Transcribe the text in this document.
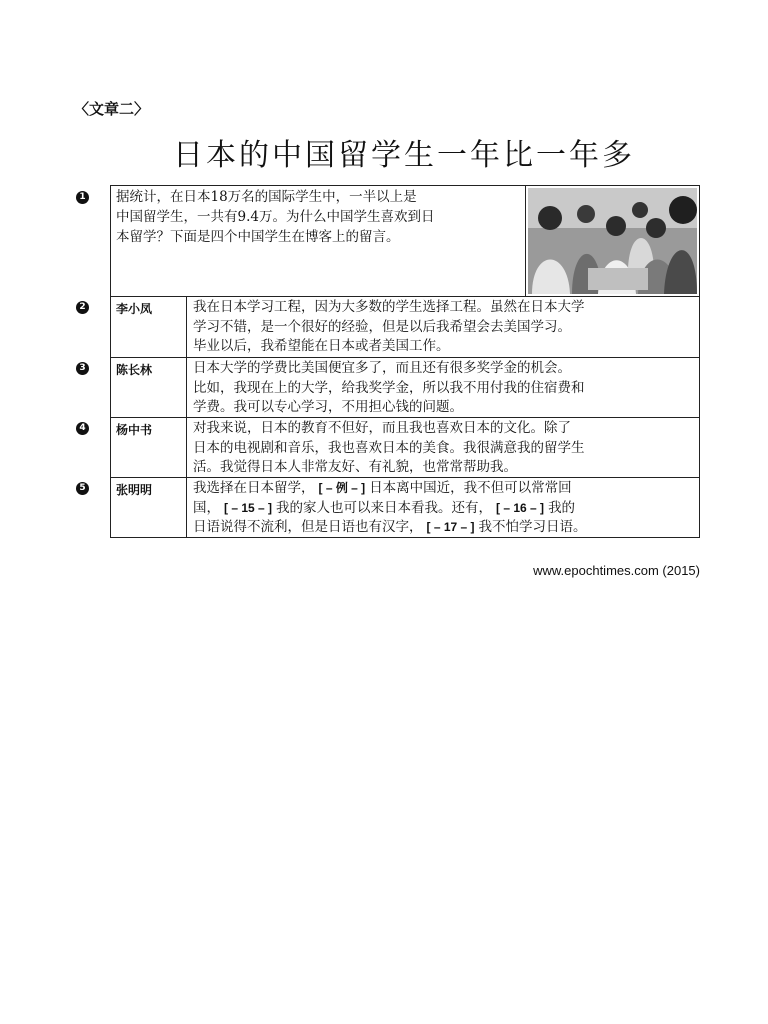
〈文章二〉
日本的中国留学生一年比一年多
1
2
3
4
5
据统计，在日本18万名的国际学生中，一半以上是
中国留学生，一共有9.4万。为什么中国学生喜欢到日
本留学？下面是四个中国学生在博客上的留言。
李小凤	我在日本学习工程，因为大多数的学生选择工程。虽然在日本大学
学习不错，是一个很好的经验，但是以后我希望会去美国学习。
毕业以后，我希望能在日本或者美国工作。
陈长林	日本大学的学费比美国便宜多了，而且还有很多奖学金的机会。
比如，我现在上的大学，给我奖学金，所以我不用付我的住宿费和
学费。我可以专心学习，不用担心钱的问题。
杨中书	对我来说，日本的教育不但好，而且我也喜欢日本的文化。除了
日本的电视剧和音乐，我也喜欢日本的美食。我很满意我的留学生
活。我觉得日本人非常友好、有礼貌，也常常帮助我。
张明明	我选择在日本留学， [ – 例 – ] 日本离中国近，我不但可以常常回
国， [ – 15 – ] 我的家人也可以来日本看我。还有， [ – 16 – ] 我的
日语说得不流利，但是日语也有汉字， [ – 17 – ] 我不怕学习日语。
www.epochtimes.com (2015)
